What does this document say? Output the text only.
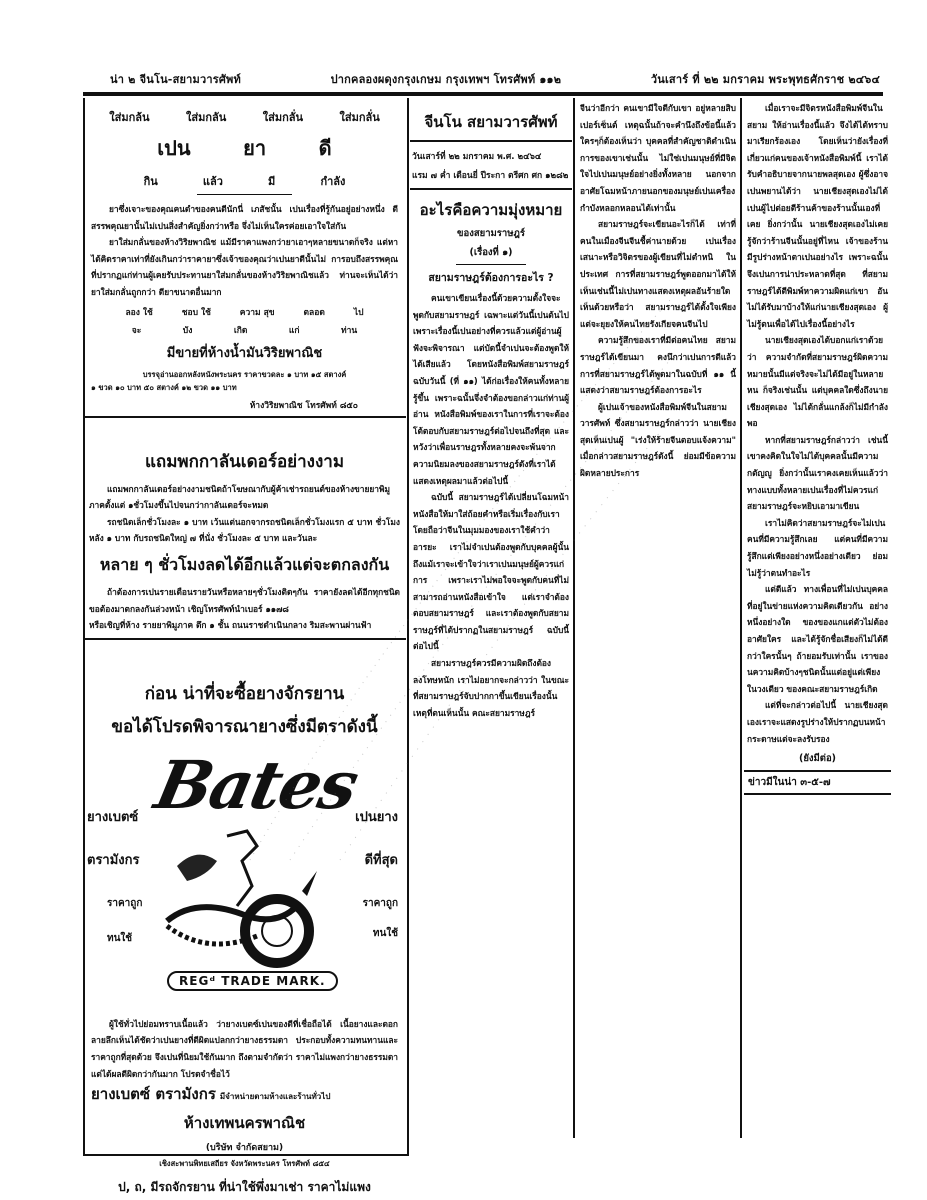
น่า ๒ จีนโน-สยามวารศัพท์	ปากคลองผดุงกรุงเกษม กรุงเทพฯ โทรศัพท์ ๑๑๒	วันเสาร์ ที่ ๒๒ มกราคม พระพุทธศักราช ๒๔๖๔
ใส่มกล้น	ใส่มกลัน	ใส่มกลั่น	ใส่มกลั่น
เปน	ยา	ดี
กิน	แล้ว	มี	กำลัง

ยาซึ่งเจาะของคุณคนดำของคนดีนักนี่ เภสัชนั้น เปนเรื่องที่รู้กันอยู่อย่างหนึ่ง ดีสรรพคุณยานั้นไม่เปนสิ่งสำคัญยิ่งกว่าหรือ จึ่งไม่เห็นใครค่อยเอาใจใส่กัน

ยาใส่มกลั่นของห้างวิริยพาณิช แม้มีราคาแพงกว่ายาเอาๆหลายขนาดก็จริง แต่หาได้คิดราคาเท่าที่ยังเกินกว่าราคายาซึ่งเจ้าของคุณว่าเปนยาดีนั้นไม่ การอบถึงสรรพคุณที่ปรากฏแก่ท่านผู้เคยรับประทานยาใส่มกลั่นของห้างวิริยพาณิชแล้ว ท่านจะเห็นได้ว่ายาใส่มกลั่นถูกกว่า ดียาขนาดอื่นมาก

ลอง ใช้	ชอบ ใช้	ความ สุข	ตลอด	ไป
จะ	บัง	เกิด	แก่	ท่าน
มีขายที่ห้างน้ำมันวิริยพาณิช
บรรจุอ่านออกหลังหนังพระนคร ราคาขวดละ ๑ บาท ๑๕ สตางค์
๑ ขวด ๑๐ บาท ๕๐ สตางค์ ๑๒ ขวด ๑๑ บาท
ห้างวิริยพาณิช โทรศัพท์ ๘๕๐
แถมพกกาลันเดอร์อย่างงาม

แถมพกกาลันเดอร์อย่างงามชนิดถ้าโฆษณากับผู้ค้าเช่ารถยนต์ของห้างขายยาพิมูภาคตั้งแต่ ๑ชั่วโมงขึ้นไปจนกว่ากาลันเดอร์จะหมด

รถชนิดเล็กชั่วโมงละ ๑ บาท เว้นแต่นอกจากรถชนิดเล็กชั่วโมงแรก ๕ บาท ชั่วโมงหลัง ๑ บาท กับรถชนิดใหญ่ ๗ ที่นั่ง ชั่วโมงละ ๕ บาท และวันละ

หลาย ๆ ชั่วโมงลดได้อีกแล้วแต่จะตกลงกัน

ถ้าต้องการเปนรายเดือนรายวันหรือหลายๆชั่วโมงติดๆกัน ราคายังลดได้อีกทุกชนิด ขอต้องมาตกลงกันล่วงหน้า เชิญโทรศัพท์นำเบอร์ ๑๑๗๘

หรือเชิญที่ห้าง รายยาพิมูภาค ตึก ๑ ชั้น ถนนราชดำเนินกลาง ริมสะพานผ่านฟ้า

ก่อน น่าที่จะซื้อยางจักรยาน
ขอได้โปรดพิจารณายางซึ่งมีตราดังนี้
Bates
ยางเบตซ์
ตรามังกร
ราคาถูก
ทนใช้
เปนยาง
ดีที่สุด
ราคาถูก
ทนใช้
REGᵈ TRADE MARK.

ผู้ใช้ทั่วไปย่อมทราบเนื้อแล้ว ว่ายางเบตซ์เปนของดีที่เชื่อถือได้ เนื้อยางและดอกลายลึกเห็นได้ชัดว่าเปนยางที่ดีผิดแปลกกว่ายางธรรมดา ประกอบทั้งความทนทานและราคาถูกที่สุดด้วย จึงเปนที่นิยมใช้กันมาก ถึงตามจำกัดว่า ราคาไม่แพงกว่ายางธรรมดา แต่ได้ผลดีผิดกว่ากันมาก โปรดจำชื่อไว้

ยางเบตซ์ ตรามังกร มีจำหน่ายตามห้างและร้านทั่วไป
ห้างเทพนครพาณิช
(บริษัท จำกัดสยาม)
เชิงสะพานพิทยเสถียร จังหวัดพระนคร โทรศัพท์ ๘๕๔
ป, ถ, มีรถจักรยาน ที่น่าใช้พึ่งมาเช่า ราคาไม่แพง
จีนโน สยามวารศัพท์
วันเสาร์ที่ ๒๒ มกราคม พ.ศ. ๒๔๖๔
แรม ๗ ค่ำ เดือนยี่ ปีระกา ตรีศก ศก ๑๒๘๒
อะไรคือความมุ่งหมาย
ของสยามราษฎร์
(เรื่องที่ ๑)
สยามราษฎร์ต้องการอะไร ?

คนเขาเขียนเรื่องนี้ด้วยความตั้งใจจะพูดกับสยามราษฎร์ เฉพาะแต่วันนี้เปนต้นไป เพราะเรื่องนี้เปนอย่างที่ควรแล้วแต่ผู้อ่านผู้ฟังจะพิจารณา แต่บัดนี้จำเปนจะต้องพูดให้ได้เสียแล้ว โดยหนังสือพิมพ์สยามราษฎร์ ฉบับวันนี้ (ที่ ๑๑) ได้ก่อเรื่องให้คนทั้งหลายรู้ขึ้น เพราะฉนั้นจึ่งจำต้องขอกล่าวแก่ท่านผู้อ่าน หนังสือพิมพ์ของเราในการที่เราจะต้องโต้ตอบกับสยามราษฎร์ต่อไปจนถึงที่สุด และหวังว่าเพื่อนราษฎรทั้งหลายคงจะพ้นจากความนิยมลงของสยามราษฎร์ดังที่เราได้แสดงเหตุผลมาแล้วต่อไปนี้

ฉบับนี้ สยามราษฎร์ได้เปลี่ยนโฉมหน้าหนังสือให้มาใส่ถ้อยคำหรือเริ่มเรื่องกับเรา โดยถือว่าจีนในมุมมองของเราใช้คำว่า อารยะ เราไม่จำเปนต้องพูดกับบุคคลผู้นั้น ถึงแม้เราจะเข้าใจว่าเราเปนมนุษย์ผู้ควรแก่การ เพราะเราไม่พอใจจะพูดกับคนที่ไม่สามารถอ่านหนังสือเข้าใจ แต่เราจำต้องตอบสยามราษฎร์ และเราต้องพูดกับสยามราษฎร์ที่ได้ปรากฏในสยามราษฎร์ ฉบับนี้ ต่อไปนี้

สยามราษฎร์ควรมีความผิดถึงต้องลงโทษหนัก เราไม่อยากจะกล่าวว่า ในขณะที่สยามราษฎร์จับปากกาขึ้นเขียนเรื่องนั้น เหตุที่ตนเห็นนั้น คณะสยามราษฎร์

จีนว่าอีกว่า คนเขามีใจดีกับเขา อยู่หลายสิบเปอร์เซ็นต์ เหตุฉนั้นถ้าจะคำนึงถึงข้อนี้แล้ว ใครๆก็ต้องเห็นว่า บุคคลที่สำคัญชาติดำเนินการของเขาเช่นนั้น ไม่ใช่เปนมนุษย์ที่มีจิตใจไปเปนมนุษย์อย่างยิ่งทั้งหลาย นอกจากอาศัยโฉมหน้าภายนอกของมนุษย์เปนเครื่องกำบังหลอกหลอนได้เท่านั้น

สยามราษฎร์จะเขียนอะไรก็ได้ เท่าที่คนในเมืองจีนจีนชื้ค่านายด้วย เปนเรื่องเสนาะหรือวิจิตรของผู้เขียนที่ไม่ตำหนิ ในประเทศ การที่สยามราษฎร์พูดออกมาได้ให้เห็นเช่นนี้ไม่เปนทางแสดงเหตุผลอันร้ายใด เห็นด้วยหรือว่า สยามราษฎร์ได้ตั้งใจเพียงแต่จะยุยงให้คนไทยรังเกียจคนจีนไป

ความรู้สึกของเราที่มีต่อคนไทย สยามราษฎร์ได้เขียนมา คงนึกว่าเปนการดีแล้ว การที่สยามราษฎร์ได้พูดมาในฉบับที่ ๑๑ นี้ แสดงว่าสยามราษฎร์ต้องการอะไร

ผู้เปนเจ้าของหนังสือพิมพ์จีนในสยามวารศัพท์ ซึ่งสยามราษฎร์กล่าวว่า นายเชียงสุดเห็นเปนผู้ "เร่งให้ร้ายจีนตอบแจ้งความ" เมื่อกล่าวสยามราษฎร์ดังนี้ ย่อมมีข้อความผิดหลายประการ

เมื่อเราจะมีจิตรหนังสือพิมพ์จีนในสยาม ให้อ่านเรื่องนี้แล้ว จึงได้ได้ทราบมาเรียกร้องเอง โดยเห็นว่ายังเรื่องที่เกี่ยวแก่คนของเจ้าหนังสือพิมพ์นี้ เราได้รับคำอธิบายจากนายพลสุดเอง ผู้ซึ่งอาจเปนพยานได้ว่า นายเชียงสุดเองไม่ได้เปนผู้ไปต่อยตีร้านค้าของร้านนั้นเองที่เคย ยิ่งกว่านั้น นายเชียงสุดเองไม่เคยรู้จักว่าร้านจีนนั้นอยู่ที่ไหน เจ้าของร้านมีรูปร่างหน้าตาเปนอย่างไร เพราะฉนั้นจึงเปนการน่าประหลาดที่สุด ที่สยามราษฎร์ได้ตีพิมพ์หาความผิดแก่เขา อันไม่ได้รับมาบ้างให้แก่นายเชียงสุดเอง ผู้ไม่รู้ตนเพื่อได้ไปเรื่องนี้อย่างไร

นายเชียงสุดเองได้บอกแก่เราด้วยว่า ความจำกัดที่สยามราษฎร์ผิดความหมายนั้นมีแต่จริงจะไม่ได้มีอยู่ในหลายหน ก็จริงเช่นนั้น แต่บุคคลใดซึ่งถึงนายเชียงสุดเอง ไม่ได้กลั่นแกล้งก็ไม่มีกำลังพอ

หากที่สยามราษฎร์กล่าวว่า เช่นนี้ เขาคงคิดในใจไม่ได้บุคคลนั้นมีความกตัญญู ยิ่งกว่านั้นเราคงเคยเห็นแล้วว่า ทางแบบทั้งหลายเปนเรื่องที่ไม่ควรแก่สยามราษฎร์จะหยิบเอามาเขียน

เราไม่คิดว่าสยามราษฎร์จะไม่เปนคนที่มีความรู้สึกเลย แต่คนที่มีความรู้สึกแต่เพียงอย่างหนึ่งอย่างเดียว ย่อมไม่รู้ว่าตนทำอะไร

แต่ดีแล้ว ทางเพื่อนที่ไม่เปนบุคคลที่อยู่ในข่ายแห่งความคิดเดียวกัน อย่างหนึ่งอย่างใด ของของแกแต่ตัวไม่ต้องอาศัยใคร และได้รู้จักชื่อเสียงก็ไม่ได้ดีกว่าใครนั้นๆ ถ้ายอมรับเท่านั้น เราของนความคิดบ้างๆชนิดนั้นแต่อยู่แต่เพียงในวงเดียว ของคณะสยามราษฎร์เกิด

แต่ที่จะกล่าวต่อไปนี้ นายเชียงสุดเองเราจะแสดงรูปร่างให้ปรากฏบนหน้ากระดาษแต่จะลงรับรอง

(ยังมีต่อ)
ข่าวมีในน่า ๓-๕-๗
